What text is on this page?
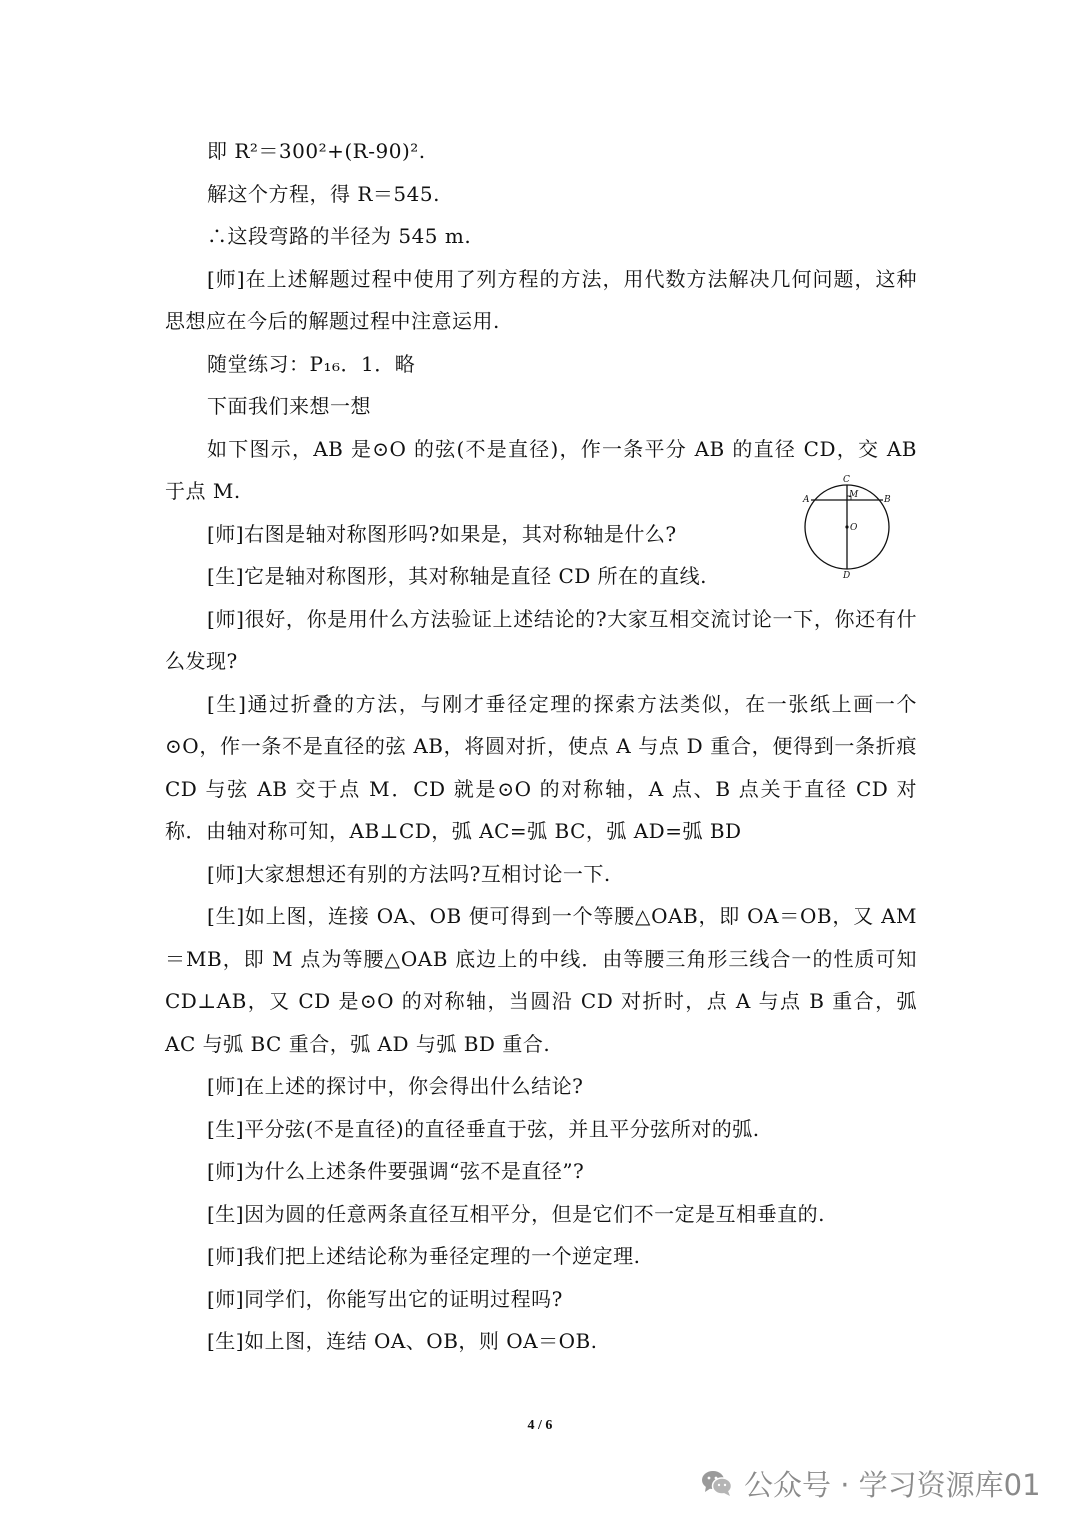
即 R²＝300²+(R-90)².

解这个方程，得 R＝545.

∴这段弯路的半径为 545 m.

[师]在上述解题过程中使用了列方程的方法，用代数方法解决几何问题，这种思想应在今后的解题过程中注意运用.

随堂练习：P₁₆．1．略

下面我们来想一想

如下图示，AB 是⊙O 的弦(不是直径)，作一条平分 AB 的直径 CD，交 AB 于点 M.

[师]右图是轴对称图形吗?如果是，其对称轴是什么?

[生]它是轴对称图形，其对称轴是直径 CD 所在的直线.

[师]很好，你是用什么方法验证上述结论的?大家互相交流讨论一下，你还有什么发现?

[生]通过折叠的方法，与刚才垂径定理的探索方法类似，在一张纸上画一个⊙O，作一条不是直径的弦 AB，将圆对折，使点 A 与点 D 重合，便得到一条折痕 CD 与弦 AB 交于点 M．CD 就是⊙O 的对称轴，A 点、B 点关于直径 CD 对称．由轴对称可知，AB⊥CD，弧 AC=弧 BC，弧 AD=弧 BD

[师]大家想想还有别的方法吗?互相讨论一下.

[生]如上图，连接 OA、OB 便可得到一个等腰△OAB，即 OA＝OB，又 AM＝MB，即 M 点为等腰△OAB 底边上的中线．由等腰三角形三线合一的性质可知 CD⊥AB，又 CD 是⊙O 的对称轴，当圆沿 CD 对折时，点 A 与点 B 重合，弧 AC 与弧 BC 重合，弧 AD 与弧 BD 重合.

[师]在上述的探讨中，你会得出什么结论?

[生]平分弦(不是直径)的直径垂直于弦，并且平分弦所对的弧.

[师]为什么上述条件要强调“弦不是直径”?

[生]因为圆的任意两条直径互相平分，但是它们不一定是互相垂直的.

[师]我们把上述结论称为垂径定理的一个逆定理.

[师]同学们，你能写出它的证明过程吗?

[生]如上图，连结 OA、OB，则 OA＝OB.

C
A	M	B
O
D
4 / 6
公众号 · 学习资源库01
